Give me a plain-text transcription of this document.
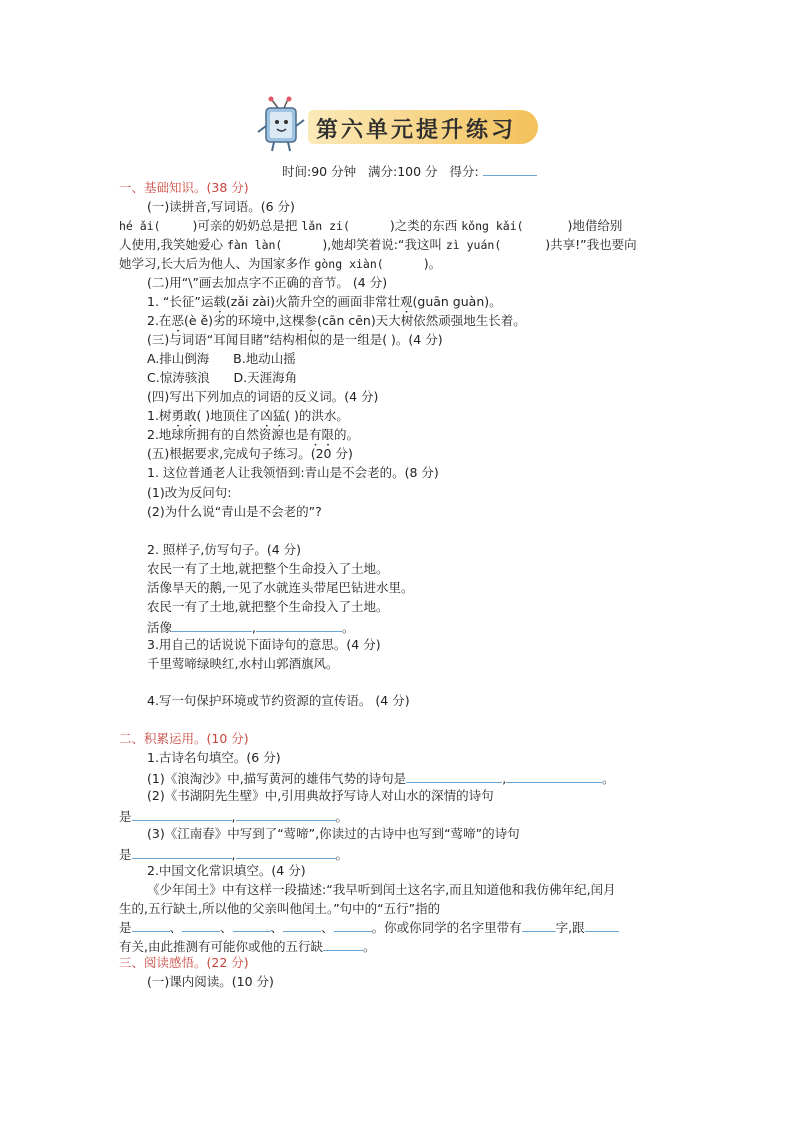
第六单元提升练习
时间:90 分钟 满分:100 分 得分:
一、基础知识。(38 分)
(一)读拼音,写词语。(6 分)
hé ǎi(	)可亲的奶奶总是把 lǎn zi(	)之类的东西 kǒng kǎi(	)地借给别
人使用,我笑她爱心 fàn làn(	),她却笑着说:“我这叫 zì yuán(	)共享!”我也要向
她学习,长大后为他人、为国家多作 gòng xiàn(	)。
(二)用“\”画去加点字不正确的音节。 (4 分)
1. “长征”运载(zǎi zài)火箭升空的画面非常壮观(guān guàn)。
2.在恶(è ě)劣的环境中,这棵参(cān cēn)天大树依然顽强地生长着。
(三)与词语“耳闻目睹”结构相似的是一组是( )。(4 分)
A.排山倒海 B.地动山摇
C.惊涛骇浪 D.天涯海角
(四)写出下列加点的词语的反义词。(4 分)
1.树勇敢( )地顶住了凶猛( )的洪水。
2.地球所拥有的自然资源也是有限的。
(五)根据要求,完成句子练习。(20 分)
1. 这位普通老人让我领悟到:青山是不会老的。(8 分)
(1)改为反问句:
(2)为什么说“青山是不会老的”?
2. 照样子,仿写句子。(4 分)
农民一有了土地,就把整个生命投入了土地。
活像旱天的鹅,一见了水就连头带尾巴钻进水里。
农民一有了土地,就把整个生命投入了土地。
活像	,	。
3.用自己的话说说下面诗句的意思。(4 分)
千里莺啼绿映红,水村山郭酒旗风。
4.写一句保护环境或节约资源的宣传语。 (4 分)
二、积累运用。(10 分)
1.古诗名句填空。(6 分)
(1)《浪淘沙》中,描写黄河的雄伟气势的诗句是	,	。
(2)《书湖阴先生壁》中,引用典故抒写诗人对山水的深情的诗句
是	,	。
(3)《江南春》中写到了“莺啼”,你读过的古诗中也写到“莺啼”的诗句
是	,	。
2.中国文化常识填空。(4 分)
《少年闰土》中有这样一段描述:“我早听到闰土这名字,而且知道他和我仿佛年纪,闰月
生的,五行缺土,所以他的父亲叫他闰土。”句中的“五行”指的
是	、	、	、	、	。你或你同学的名字里带有	字,跟
有关,由此推测有可能你或他的五行缺	。
三、阅读感悟。(22 分)
(一)课内阅读。(10 分)
